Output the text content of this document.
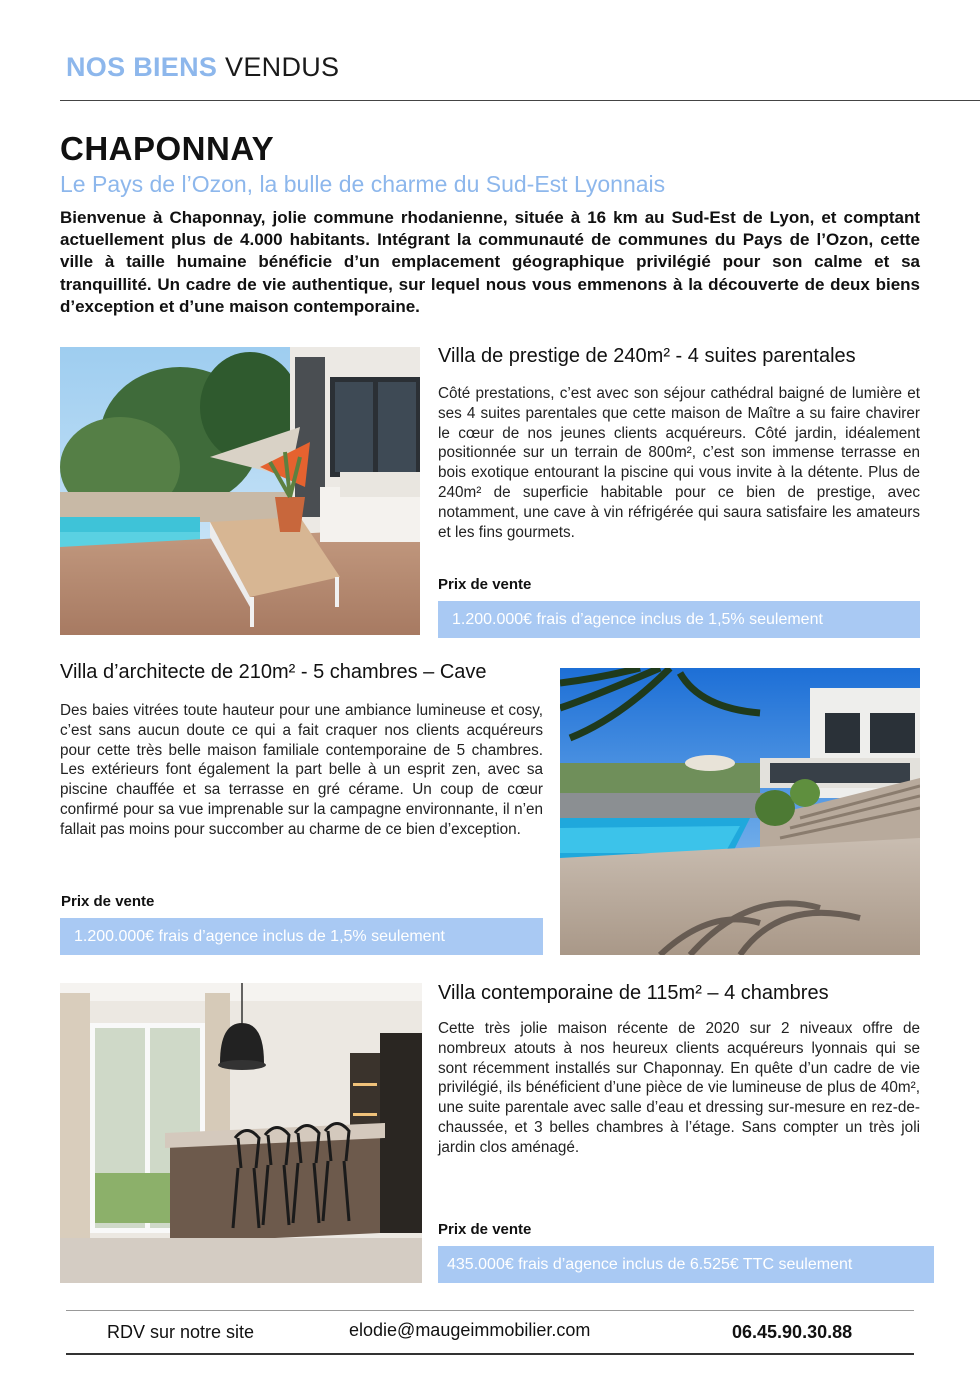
NOS BIENS VENDUS
CHAPONNAY
Le Pays de l’Ozon, la bulle de charme du Sud-Est Lyonnais
Bienvenue à Chaponnay, jolie commune rhodanienne, située à 16 km au Sud-Est de Lyon, et comptant actuellement plus de 4.000 habitants. Intégrant la communauté de communes du Pays de l’Ozon, cette ville à taille humaine bénéficie d’un emplacement géographique privilégié pour son calme et sa tranquillité. Un cadre de vie authentique, sur lequel nous vous emmenons à la découverte de deux biens d’exception et d’une maison contemporaine.
Villa de prestige de 240m² - 4 suites parentales
Côté prestations, c’est avec son séjour cathédral baigné de lumière et ses 4 suites parentales que cette maison de Maître a su faire chavirer le cœur de nos jeunes clients acquéreurs. Côté jardin, idéalement positionnée sur un terrain de 800m², c’est son immense terrasse en bois exotique entourant la piscine qui vous invite à la détente. Plus de 240m² de superficie habitable pour ce bien de prestige, avec notamment, une cave à vin réfrigérée qui saura satisfaire les amateurs et les fins gourmets.
Prix de vente
1.200.000€ frais d’agence inclus de 1,5% seulement
Villa d’architecte de 210m² - 5 chambres – Cave
Des baies vitrées toute hauteur pour une ambiance lumineuse et cosy, c’est sans aucun doute ce qui a fait craquer nos clients acquéreurs pour cette très belle maison familiale contemporaine de 5 chambres. Les extérieurs font également la part belle à un esprit zen, avec sa piscine chauffée et sa terrasse en gré cérame. Un coup de cœur confirmé pour sa vue imprenable sur la campagne environnante, il n’en fallait pas moins pour succomber au charme de ce bien d’exception.
Prix de vente
1.200.000€ frais d’agence inclus de 1,5% seulement
Villa contemporaine de 115m² – 4 chambres
Cette très jolie maison récente de 2020 sur 2 niveaux offre de nombreux atouts à nos heureux clients acquéreurs lyonnais qui se sont récemment installés sur Chaponnay. En quête d’un cadre de vie privilégié, ils bénéficient d’une pièce de vie lumineuse de plus de 40m², une suite parentale avec salle d’eau et dressing sur-mesure en rez-de-chaussée, et 3 belles chambres à l’étage. Sans compter un très joli jardin clos aménagé.
Prix de vente
435.000€ frais d’agence inclus de 6.525€ TTC seulement
RDV sur notre site	elodie@maugeimmobilier.com	06.45.90.30.88
